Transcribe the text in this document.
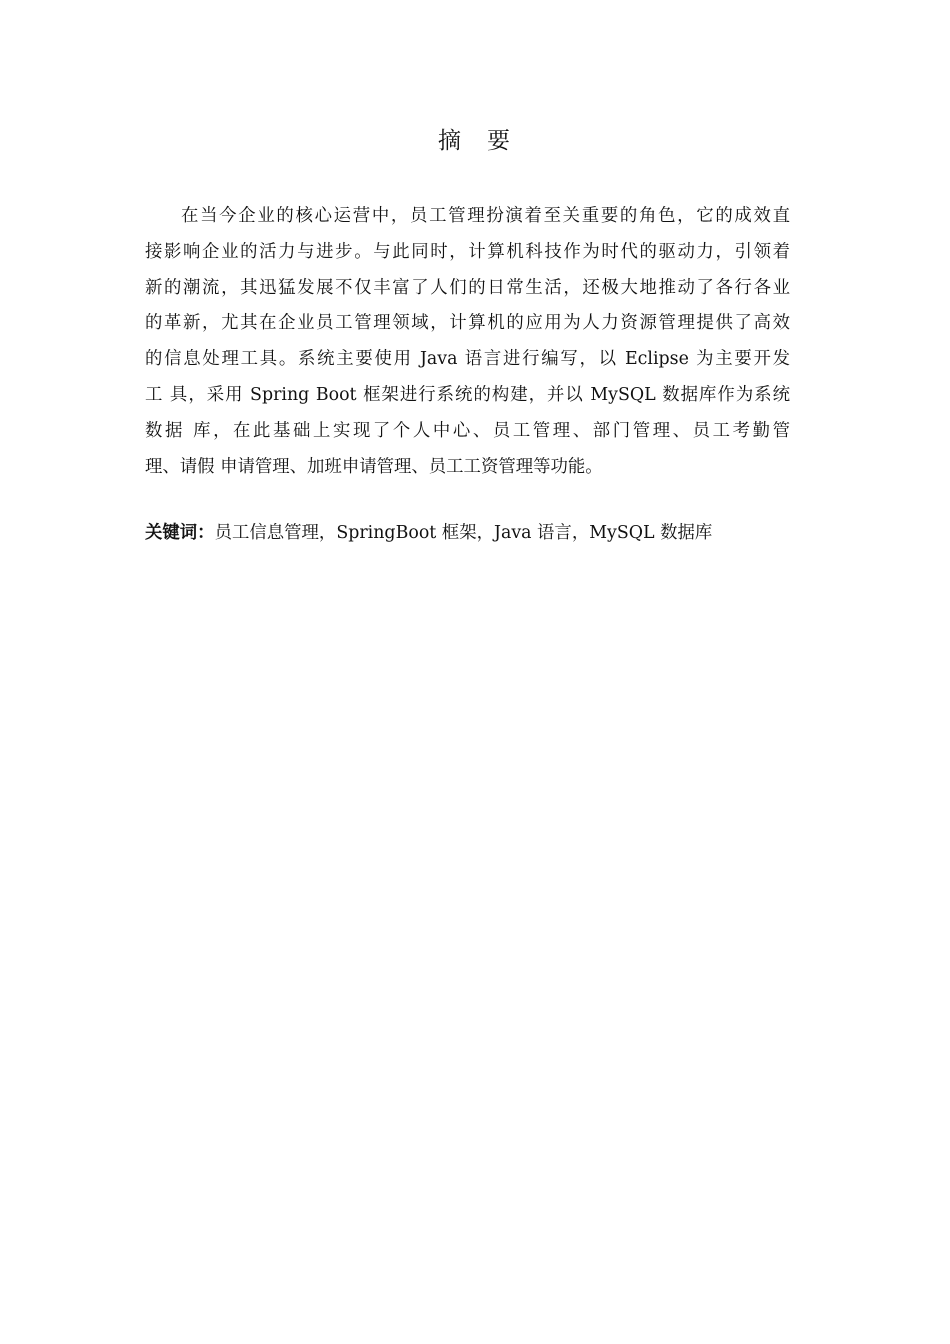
摘 要
在当今企业的核心运营中，员工管理扮演着至关重要的角色，它的成效直
接影响企业的活力与进步。与此同时，计算机科技作为时代的驱动力，引领着
新的潮流，其迅猛发展不仅丰富了人们的日常生活，还极大地推动了各行各业
的革新，尤其在企业员工管理领域，计算机的应用为人力资源管理提供了高效
的信息处理工具。系统主要使用 Java 语言进行编写，以 Eclipse 为主要开发
工 具，采用 Spring Boot 框架进行系统的构建，并以 MySQL 数据库作为系统
数据 库，在此基础上实现了个人中心、员工管理、部门管理、员工考勤管
理、请假 申请管理、加班申请管理、员工工资管理等功能。
关键词：员工信息管理，SpringBoot 框架，Java 语言，MySQL 数据库
